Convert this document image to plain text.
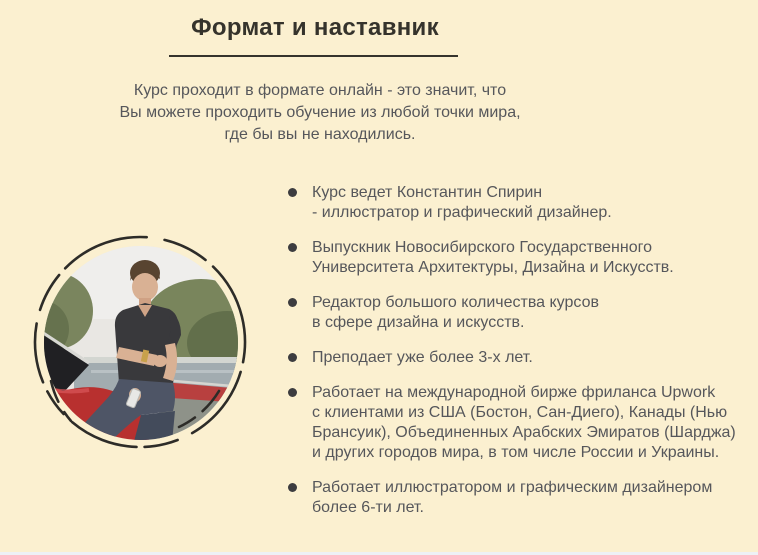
Формат и наставник
Курс проходит в формате онлайн - это значит, что
Вы можете проходить обучение из любой точки мира,
где бы вы не находились.
Курс ведет Константин Спирин
- иллюстратор и графический дизайнер.
Выпускник Новосибирского Государственного
Университета Архитектуры, Дизайна и Искусств.
Редактор большого количества курсов
в сфере дизайна и искусств.
Преподает уже более 3-х лет.
Работает на международной бирже фриланса Upwork
с клиентами из США (Бостон, Сан-Диего), Канады (Нью
Брансуик), Объединенных Арабских Эмиратов (Шарджа)
и других городов мира, в том числе России и Украины.
Работает иллюстратором и графическим дизайнером
более 6-ти лет.
